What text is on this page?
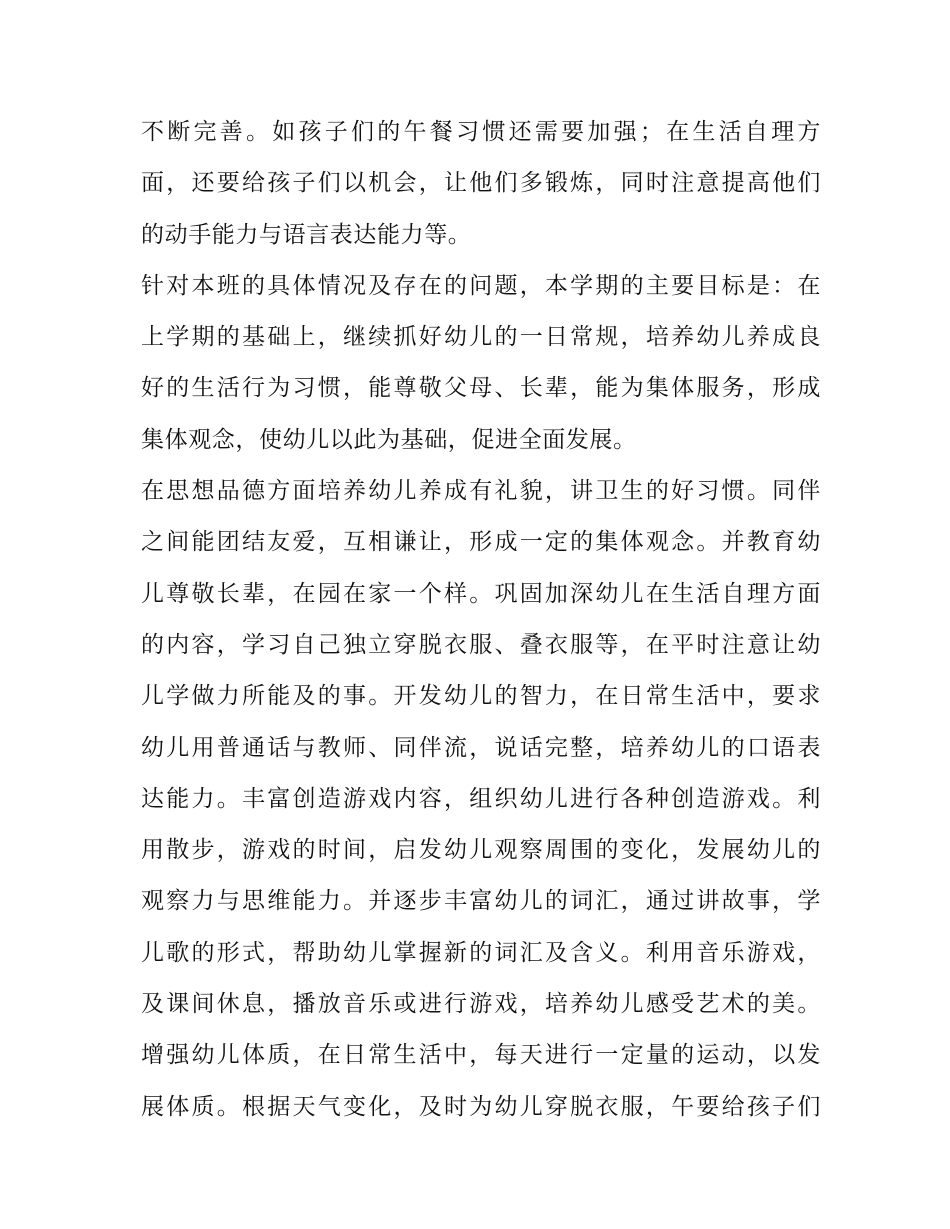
不断完善。如孩子们的午餐习惯还需要加强；在生活自理方
面，还要给孩子们以机会，让他们多锻炼，同时注意提高他们
的动手能力与语言表达能力等。
针对本班的具体情况及存在的问题，本学期的主要目标是：在
上学期的基础上，继续抓好幼儿的一日常规，培养幼儿养成良
好的生活行为习惯，能尊敬父母、长辈，能为集体服务，形成
集体观念，使幼儿以此为基础，促进全面发展。
在思想品德方面培养幼儿养成有礼貌，讲卫生的好习惯。同伴
之间能团结友爱，互相谦让，形成一定的集体观念。并教育幼
儿尊敬长辈，在园在家一个样。巩固加深幼儿在生活自理方面
的内容，学习自己独立穿脱衣服、叠衣服等，在平时注意让幼
儿学做力所能及的事。开发幼儿的智力，在日常生活中，要求
幼儿用普通话与教师、同伴流，说话完整，培养幼儿的口语表
达能力。丰富创造游戏内容，组织幼儿进行各种创造游戏。利
用散步，游戏的时间，启发幼儿观察周围的变化，发展幼儿的
观察力与思维能力。并逐步丰富幼儿的词汇，通过讲故事，学
儿歌的形式，帮助幼儿掌握新的词汇及含义。利用音乐游戏，
及课间休息，播放音乐或进行游戏，培养幼儿感受艺术的美。
增强幼儿体质，在日常生活中，每天进行一定量的运动，以发
展体质。根据天气变化，及时为幼儿穿脱衣服，午要给孩子们
